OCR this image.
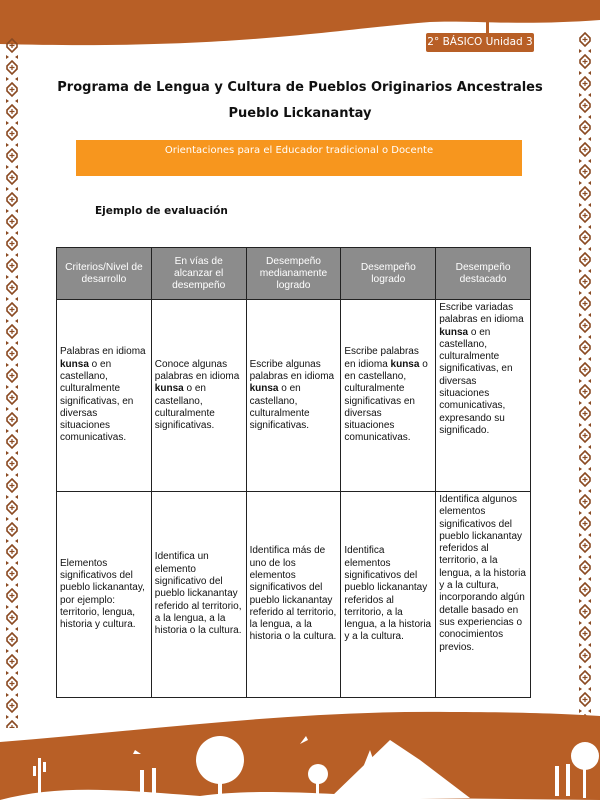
2° BÁSICO Unidad 3
Programa de Lengua y Cultura de Pueblos Originarios Ancestrales
Pueblo Lickanantay
Orientaciones para el Educador tradicional o Docente
Ejemplo de evaluación
Criterios/Nivel de desarrollo	En vías de alcanzar el desempeño	Desempeño medianamente logrado	Desempeño logrado	Desempeño destacado
Palabras en idioma kunsa o en castellano, culturalmente significativas, en diversas situaciones comunicativas.	Conoce algunas palabras en idioma kunsa o en castellano, culturalmente significativas.	Escribe algunas palabras en idioma kunsa o en castellano, culturalmente significativas.	Escribe palabras en idioma kunsa o en castellano, culturalmente significativas en diversas situaciones comunicativas.	Escribe variadas palabras en idioma kunsa o en castellano, culturalmente significativas, en diversas situaciones comunicativas, expresando su significado.
Elementos significativos del pueblo lickanantay, por ejemplo: territorio, lengua, historia y cultura.	Identifica un elemento significativo del pueblo lickanantay referido al territorio, a la lengua, a la historia o la cultura.	Identifica más de uno de los elementos significativos del pueblo lickanantay referido al territorio, la lengua, a la historia o la cultura.	Identifica elementos significativos del pueblo lickanantay referidos al territorio, a la lengua, a la historia y a la cultura.	Identifica algunos elementos significativos del pueblo lickanantay referidos al territorio, a la lengua, a la historia y a la cultura, incorporando algún detalle basado en sus experiencias o conocimientos previos.
